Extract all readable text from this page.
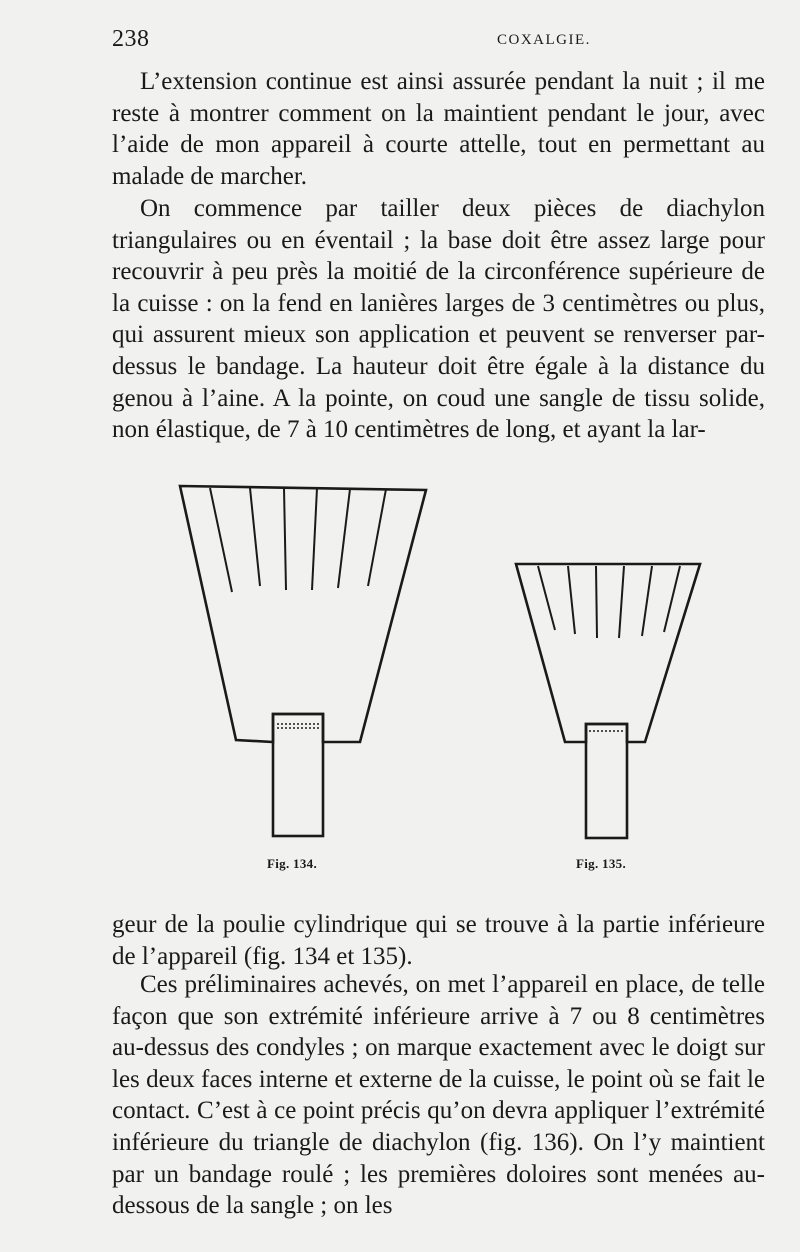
238	COXALGIE.

L’extension continue est ainsi assurée pendant la nuit ; il me reste à montrer comment on la maintient pendant le jour, avec l’aide de mon appareil à courte attelle, tout en permettant au malade de marcher.

On commence par tailler deux pièces de diachylon triangulaires ou en éventail ; la base doit être assez large pour recouvrir à peu près la moitié de la circonférence supérieure de la cuisse : on la fend en lanières larges de 3 centimètres ou plus, qui assurent mieux son application et peuvent se renverser par-dessus le bandage. La hauteur doit être égale à la distance du genou à l’aine. A la pointe, on coud une sangle de tissu solide, non élastique, de 7 à 10 centimètres de long, et ayant la lar-

Fig. 134.	Fig. 135.

geur de la poulie cylindrique qui se trouve à la partie inférieure de l’appareil (fig. 134 et 135).

Ces préliminaires achevés, on met l’appareil en place, de telle façon que son extrémité inférieure arrive à 7 ou 8 centimètres au-dessus des condyles ; on marque exactement avec le doigt sur les deux faces interne et externe de la cuisse, le point où se fait le contact. C’est à ce point précis qu’on devra appliquer l’extrémité inférieure du triangle de diachylon (fig. 136). On l’y maintient par un bandage roulé ; les premières doloires sont menées au-dessous de la sangle ; on les
